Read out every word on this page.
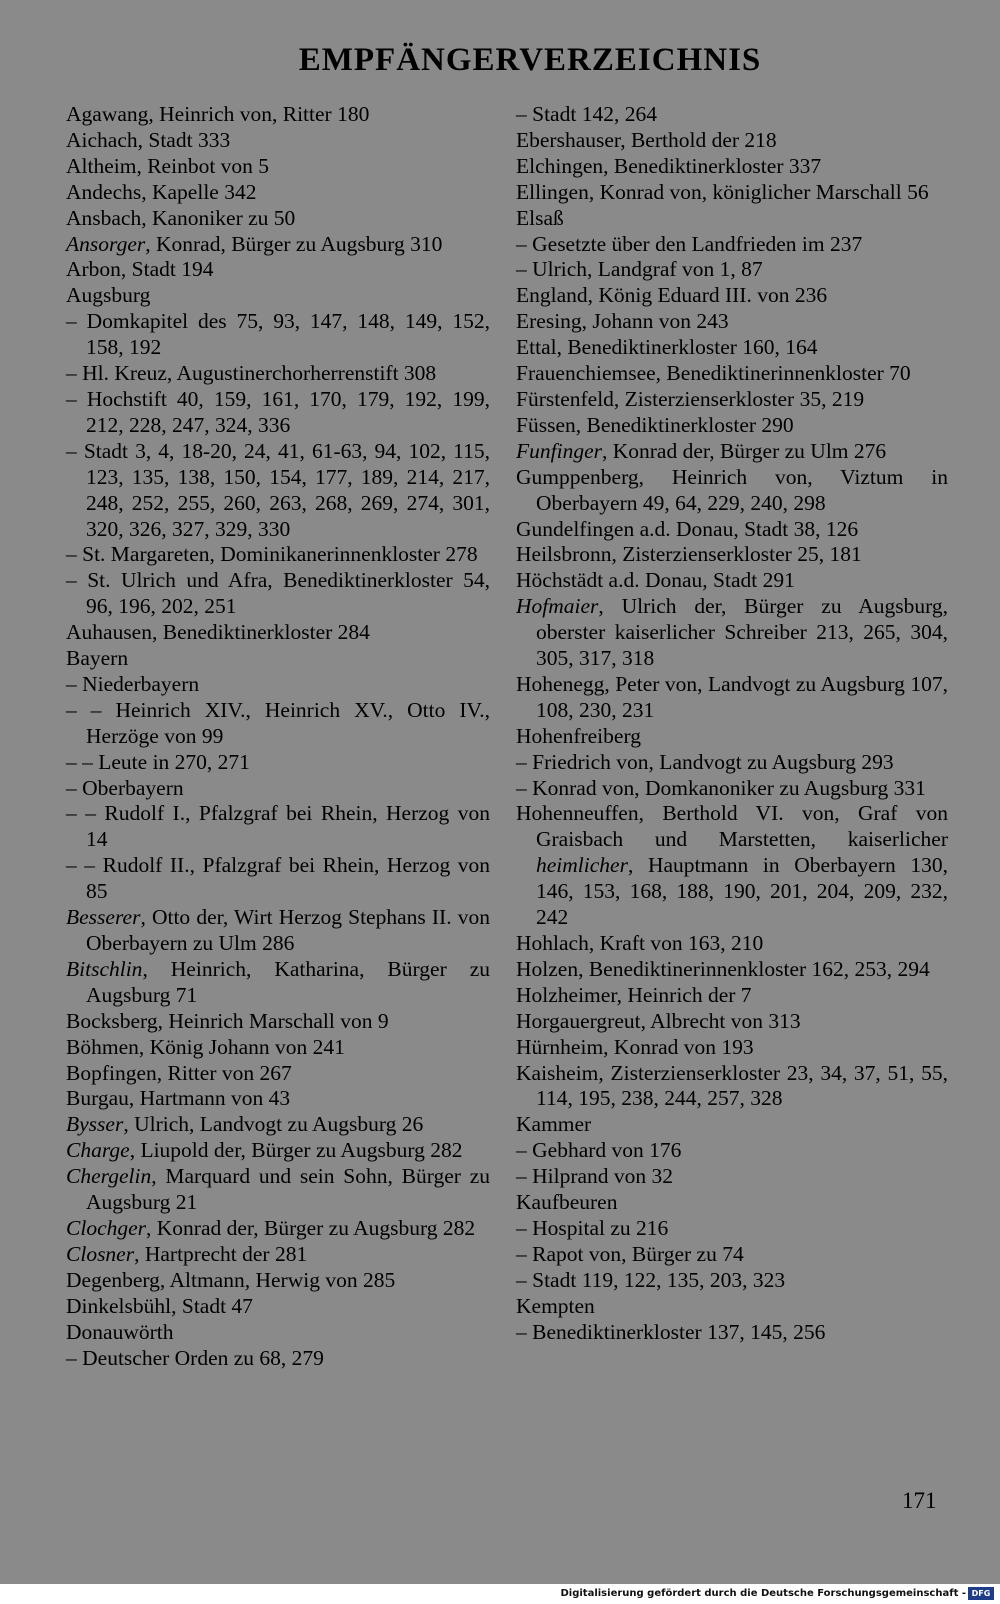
EMPFÄNGERVERZEICHNIS
Agawang, Heinrich von, Ritter 180
Aichach, Stadt 333
Altheim, Reinbot von 5
Andechs, Kapelle 342
Ansbach, Kanoniker zu 50
Ansorger, Konrad, Bürger zu Augsburg 310
Arbon, Stadt 194
Augsburg
– Domkapitel des 75, 93, 147, 148, 149, 152, 158, 192
– Hl. Kreuz, Augustinerchorherrenstift 308
– Hochstift 40, 159, 161, 170, 179, 192, 199, 212, 228, 247, 324, 336
– Stadt 3, 4, 18-20, 24, 41, 61-63, 94, 102, 115, 123, 135, 138, 150, 154, 177, 189, 214, 217, 248, 252, 255, 260, 263, 268, 269, 274, 301, 320, 326, 327, 329, 330
– St. Margareten, Dominikanerinnenkloster 278
– St. Ulrich und Afra, Benediktinerkloster 54, 96, 196, 202, 251
Auhausen, Benediktinerkloster 284
Bayern
– Niederbayern
– – Heinrich XIV., Heinrich XV., Otto IV., Herzöge von 99
– – Leute in 270, 271
– Oberbayern
– – Rudolf I., Pfalzgraf bei Rhein, Herzog von 14
– – Rudolf II., Pfalzgraf bei Rhein, Herzog von 85
Besserer, Otto der, Wirt Herzog Stephans II. von Oberbayern zu Ulm 286
Bitschlin, Heinrich, Katharina, Bürger zu Augsburg 71
Bocksberg, Heinrich Marschall von 9
Böhmen, König Johann von 241
Bopfingen, Ritter von 267
Burgau, Hartmann von 43
Bysser, Ulrich, Landvogt zu Augsburg 26
Charge, Liupold der, Bürger zu Augsburg 282
Chergelin, Marquard und sein Sohn, Bürger zu Augsburg 21
Clochger, Konrad der, Bürger zu Augsburg 282
Closner, Hartprecht der 281
Degenberg, Altmann, Herwig von 285
Dinkelsbühl, Stadt 47
Donauwörth
– Deutscher Orden zu 68, 279
– Stadt 142, 264
Ebershauser, Berthold der 218
Elchingen, Benediktinerkloster 337
Ellingen, Konrad von, königlicher Marschall 56
Elsaß
– Gesetzte über den Landfrieden im 237
– Ulrich, Landgraf von 1, 87
England, König Eduard III. von 236
Eresing, Johann von 243
Ettal, Benediktinerkloster 160, 164
Frauenchiemsee, Benediktinerinnenkloster 70
Fürstenfeld, Zisterzienserkloster 35, 219
Füssen, Benediktinerkloster 290
Funfinger, Konrad der, Bürger zu Ulm 276
Gumppenberg, Heinrich von, Viztum in Oberbayern 49, 64, 229, 240, 298
Gundelfingen a.d. Donau, Stadt 38, 126
Heilsbronn, Zisterzienserkloster 25, 181
Höchstädt a.d. Donau, Stadt 291
Hofmaier, Ulrich der, Bürger zu Augsburg, oberster kaiserlicher Schreiber 213, 265, 304, 305, 317, 318
Hohenegg, Peter von, Landvogt zu Augsburg 107, 108, 230, 231
Hohenfreiberg
– Friedrich von, Landvogt zu Augsburg 293
– Konrad von, Domkanoniker zu Augsburg 331
Hohenneuffen, Berthold VI. von, Graf von Graisbach und Marstetten, kaiserlicher heimlicher, Hauptmann in Oberbayern 130, 146, 153, 168, 188, 190, 201, 204, 209, 232, 242
Hohlach, Kraft von 163, 210
Holzen, Benediktinerinnenkloster 162, 253, 294
Holzheimer, Heinrich der 7
Horgauergreut, Albrecht von 313
Hürnheim, Konrad von 193
Kaisheim, Zisterzienserkloster 23, 34, 37, 51, 55, 114, 195, 238, 244, 257, 328
Kammer
– Gebhard von 176
– Hilprand von 32
Kaufbeuren
– Hospital zu 216
– Rapot von, Bürger zu 74
– Stadt 119, 122, 135, 203, 323
Kempten
– Benediktinerkloster 137, 145, 256
171
Digitalisierung gefördert durch die Deutsche Forschungsgemeinschaft - DFG
